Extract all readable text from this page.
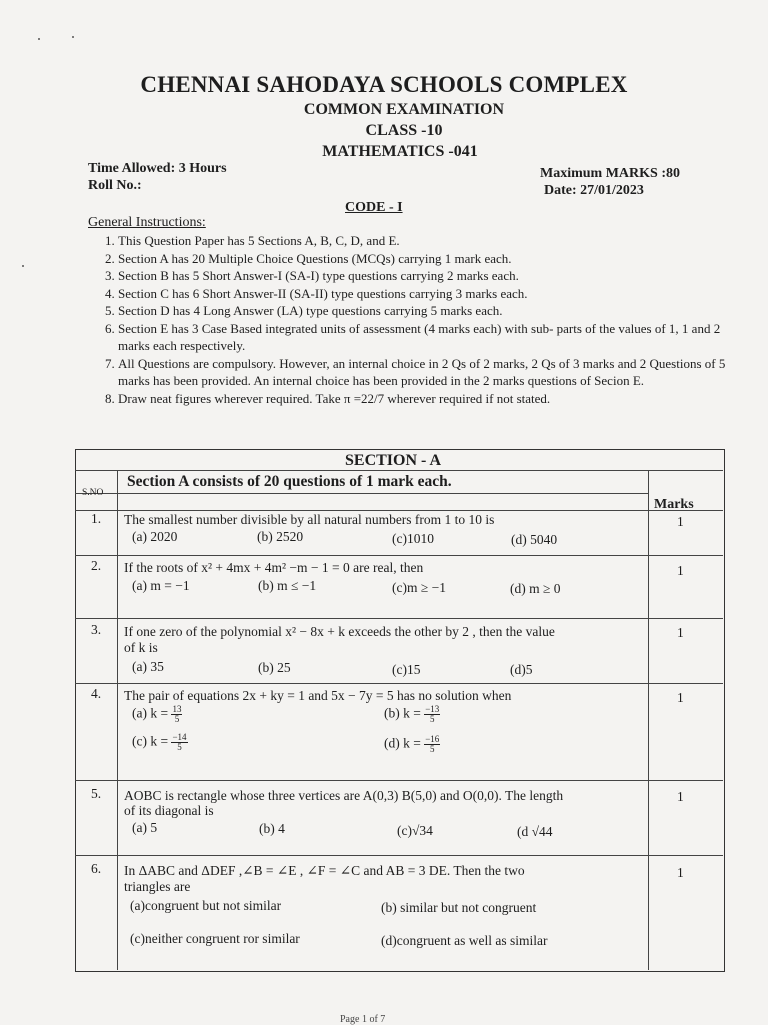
CHENNAI SAHODAYA SCHOOLS COMPLEX
COMMON EXAMINATION
CLASS -10
MATHEMATICS -041
Time Allowed: 3 Hours
Roll No.:
Maximum MARKS :80
Date: 27/01/2023
CODE - I
General Instructions:
1. This Question Paper has 5 Sections A, B, C, D, and E.
2. Section A has 20 Multiple Choice Questions (MCQs) carrying 1 mark each.
3. Section B has 5 Short Answer-I (SA-I) type questions carrying 2 marks each.
4. Section C has 6 Short Answer-II (SA-II) type questions carrying 3 marks each.
5. Section D has 4 Long Answer (LA) type questions carrying 5 marks each.
6. Section E has 3 Case Based integrated units of assessment (4 marks each) with sub- parts of the values of 1, 1 and 2 marks each respectively.
7. All Questions are compulsory. However, an internal choice in 2 Qs of 2 marks, 2 Qs of 3 marks and 2 Questions of 5 marks has been provided. An internal choice has been provided in the 2 marks questions of Secion E.
8. Draw neat figures wherever required. Take π =22/7 wherever required if not stated.
SECTION - A
Section A consists of 20 questions of 1 mark each.
S.NO
Marks
1. The smallest number divisible by all natural numbers from 1 to 10 is
(a) 2020	(b) 2520	(c)1010	(d) 5040
1
2. If the roots of x² + 4mx + 4m² −m − 1 = 0 are real, then
(a) m = −1	(b) m ≤ −1	(c)m ≥ −1	(d) m ≥ 0
1
3. If one zero of the polynomial x² − 8x + k exceeds the other by 2 , then the value
of k is
(a) 35	(b) 25	(c)15	(d)5
1
4. The pair of equations 2x + ky = 1 and 5x − 7y = 5 has no solution when
(a) $k = \frac{13}{5}$	(b) $k = \frac{-13}{5}$
(c) $k = \frac{-14}{5}$	(d) $k = \frac{-16}{5}$
1
5. AOBC is rectangle whose three vertices are A(0,3) B(5,0) and O(0,0). The length
of its diagonal is
(a) 5	(b) 4	(c)√34	(d √44
1
6. In ΔABC and ΔDEF ,∠B = ∠E , ∠F = ∠C and AB = 3 DE. Then the two
triangles are
(a)congruent but not similar	(b) similar but not congruent
(c)neither congruent ror similar	(d)congruent as well as similar
1
Page 1 of 7
